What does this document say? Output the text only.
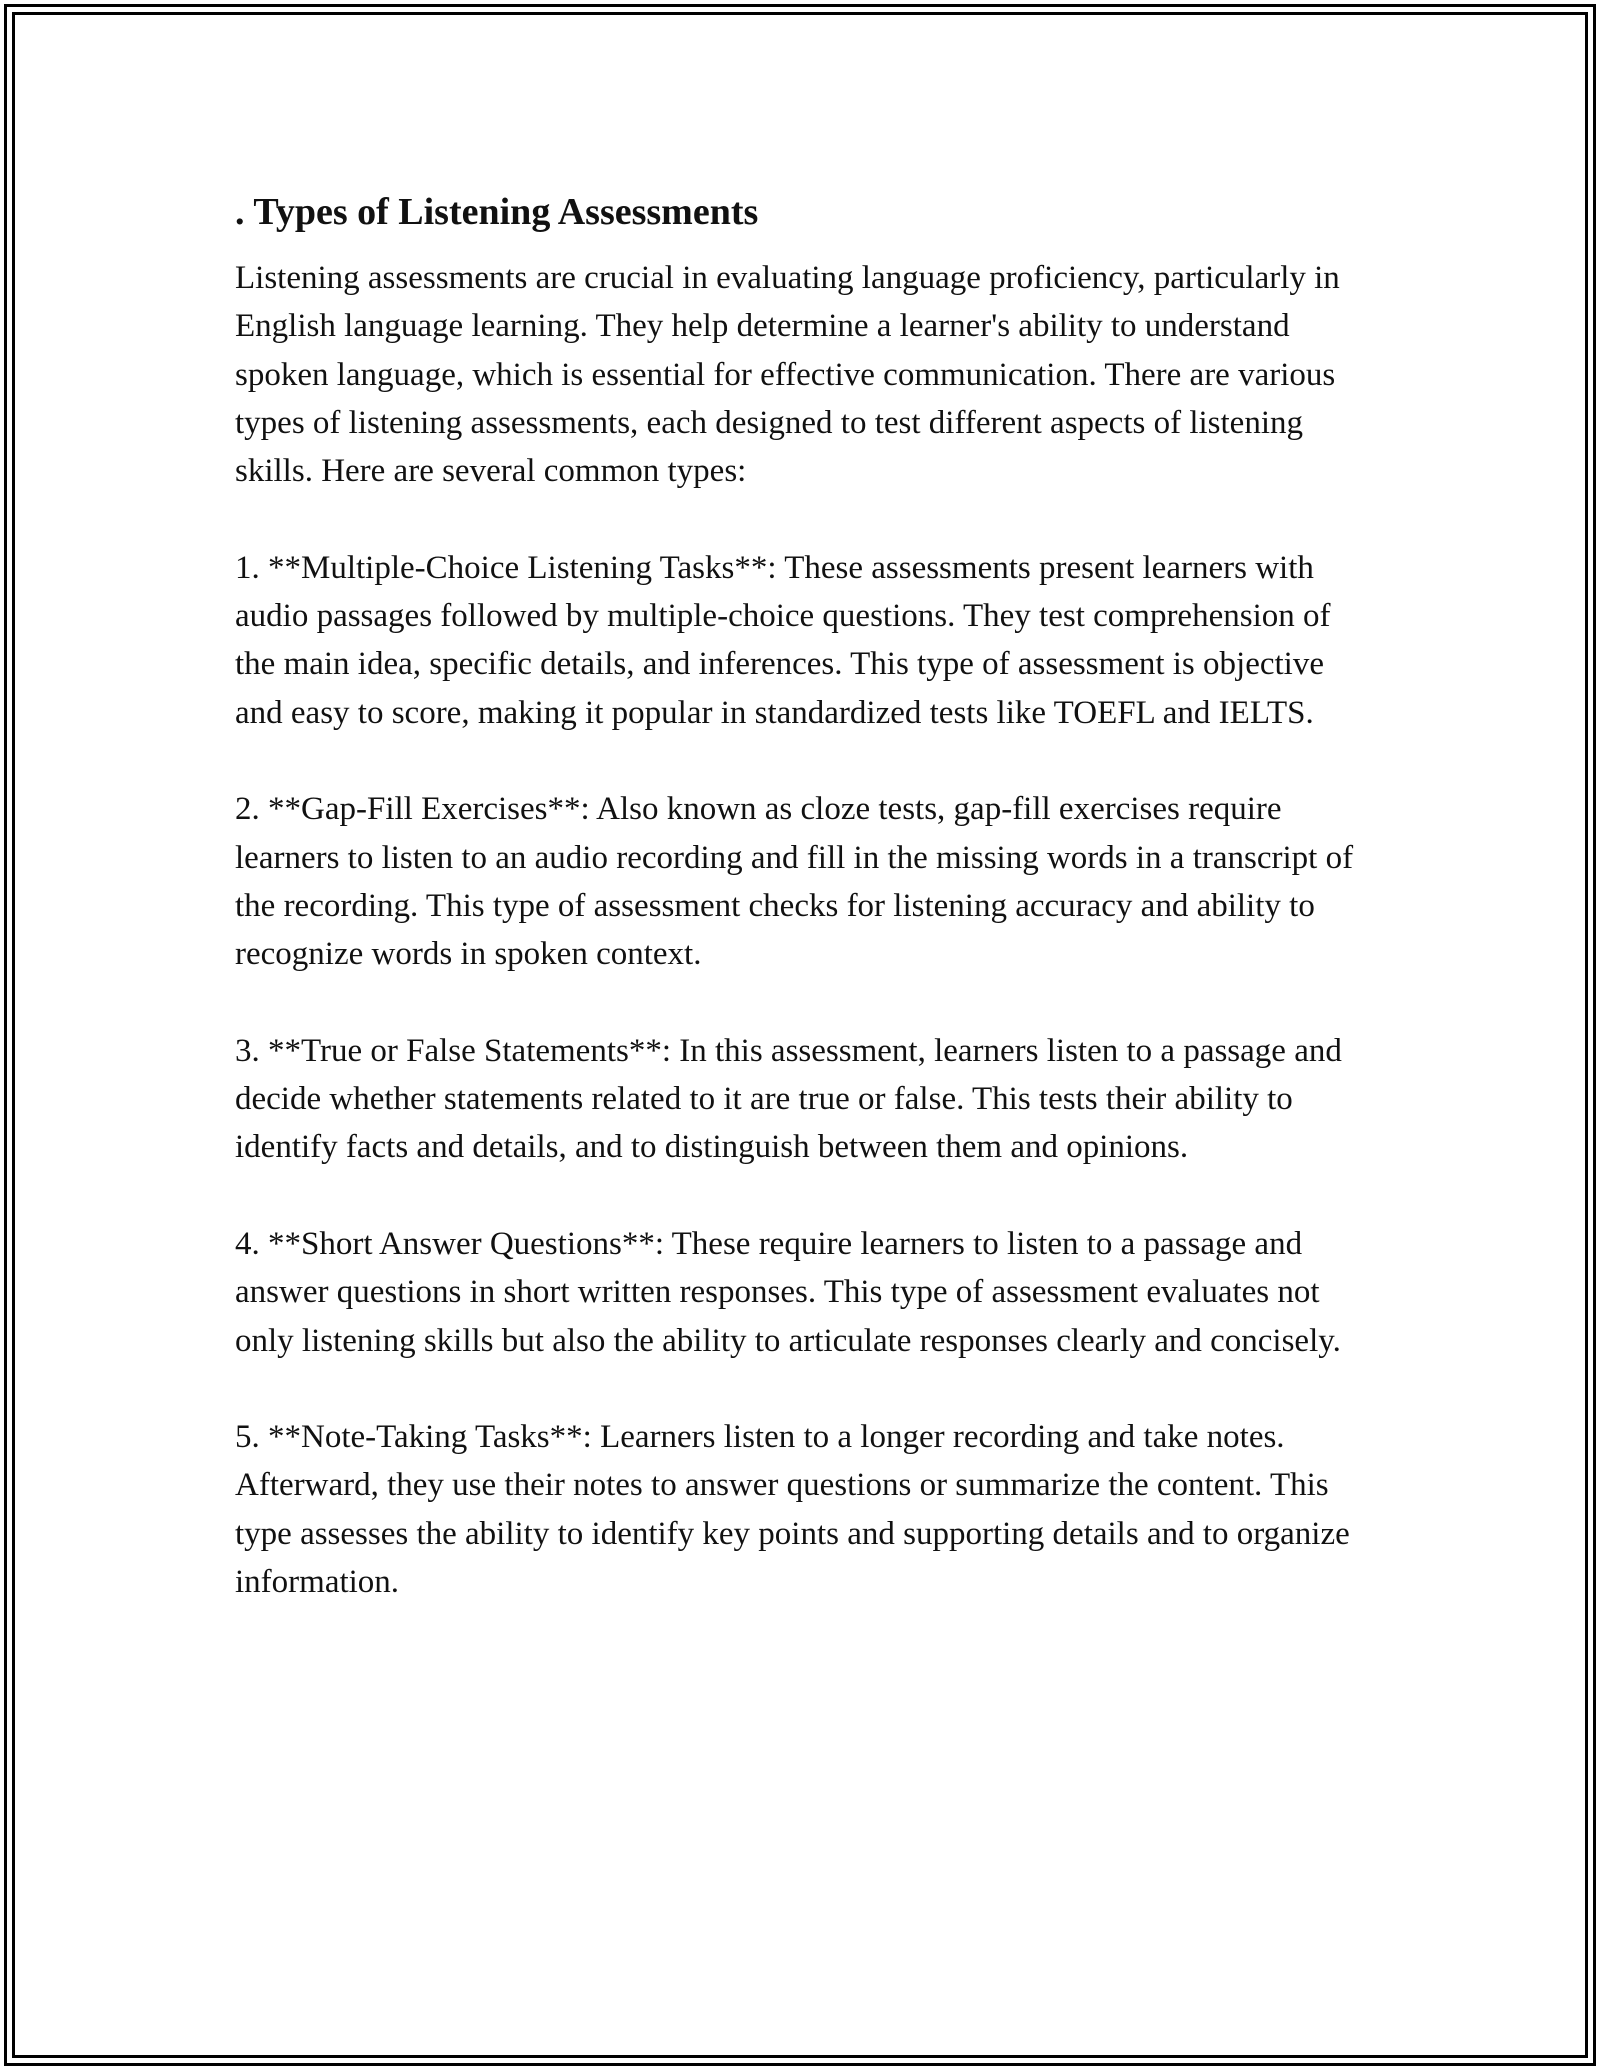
. Types of Listening Assessments

Listening assessments are crucial in evaluating language proficiency, particularly in English language learning. They help determine a learner's ability to understand spoken language, which is essential for effective communication. There are various types of listening assessments, each designed to test different aspects of listening skills. Here are several common types:

1. **Multiple-Choice Listening Tasks**: These assessments present learners with audio passages followed by multiple-choice questions. They test comprehension of the main idea, specific details, and inferences. This type of assessment is objective and easy to score, making it popular in standardized tests like TOEFL and IELTS.

2. **Gap-Fill Exercises**: Also known as cloze tests, gap-fill exercises require learners to listen to an audio recording and fill in the missing words in a transcript of the recording. This type of assessment checks for listening accuracy and ability to recognize words in spoken context.

3. **True or False Statements**: In this assessment, learners listen to a passage and decide whether statements related to it are true or false. This tests their ability to identify facts and details, and to distinguish between them and opinions.

4. **Short Answer Questions**: These require learners to listen to a passage and answer questions in short written responses. This type of assessment evaluates not only listening skills but also the ability to articulate responses clearly and concisely.

5. **Note-Taking Tasks**: Learners listen to a longer recording and take notes. Afterward, they use their notes to answer questions or summarize the content. This type assesses the ability to identify key points and supporting details and to organize information.
